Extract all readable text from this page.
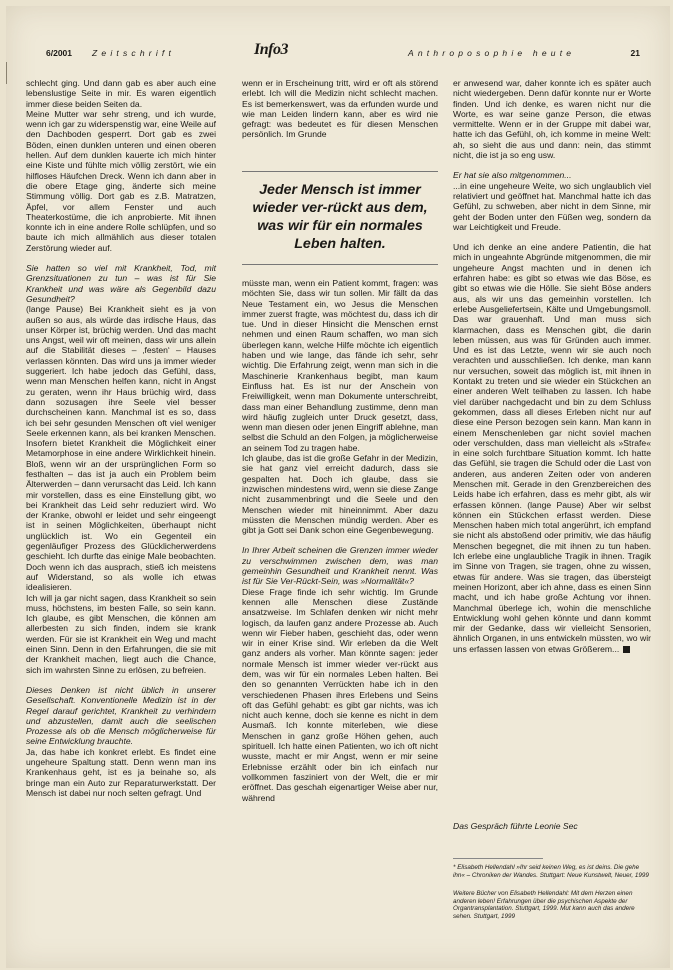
6/2001 Zeitschrift	Info3	Anthroposophie heute	21

schlecht ging. Und dann gab es aber auch eine lebenslustige Seite in mir. Es waren eigentlich immer diese beiden Seiten da.

Meine Mutter war sehr streng, und ich wurde, wenn ich gar zu widerspenstig war, eine Weile auf den Dachboden gesperrt. Dort gab es zwei Böden, einen dunklen unteren und einen oberen hellen. Auf dem dunklen kauerte ich mich hinter eine Kiste und fühlte mich völlig zerstört, wie ein hilfloses Häufchen Dreck. Wenn ich dann aber in die obere Etage ging, änderte sich meine Stimmung völlig. Dort gab es z.B. Matratzen, Äpfel, vor allem Fenster und auch Theaterkostüme, die ich anprobierte. Mit ihnen konnte ich in eine andere Rolle schlüpfen, und so baute ich mich allmählich aus dieser totalen Zerstörung wieder auf.

Sie hatten so viel mit Krankheit, Tod, mit Grenzsituationen zu tun – was ist für Sie Krankheit und was wäre als Gegenbild dazu Gesundheit?

(lange Pause) Bei Krankheit sieht es ja von außen so aus, als würde das irdische Haus, das unser Körper ist, brüchig werden. Und das macht uns Angst, weil wir oft meinen, dass wir uns allein auf die Stabilität dieses – ‚festen‘ – Hauses verlassen könnten. Das wird uns ja immer wieder suggeriert. Ich habe jedoch das Gefühl, dass, wenn man Menschen helfen kann, nicht in Angst zu geraten, wenn ihr Haus brüchig wird, dass dann sozusagen ihre Seele viel besser durchscheinen kann. Manchmal ist es so, dass ich bei sehr gesunden Menschen oft viel weniger Seele erkennen kann, als bei kranken Menschen. Insofern bietet Krankheit die Möglichkeit einer Metamorphose in eine andere Wirklichkeit hinein. Bloß, wenn wir an der ursprünglichen Form so festhalten – das ist ja auch ein Problem beim Älterwerden – dann verursacht das Leid. Ich kann mir vorstellen, dass es eine Einstellung gibt, wo bei Krankheit das Leid sehr reduziert wird. Wo der Kranke, obwohl er leidet und sehr eingeengt ist in seinen Möglichkeiten, überhaupt nicht unglücklich ist. Wo ein Gegenteil ein gegenläufiger Prozess des Glücklicherwerdens geschieht. Ich durfte das einige Male beobachten. Doch wenn ich das ausprach, stieß ich meistens auf Widerstand, so als wolle ich etwas idealisieren.

Ich will ja gar nicht sagen, dass Krankheit so sein muss, höchstens, im besten Falle, so sein kann. Ich glaube, es gibt Menschen, die können am allerbesten zu sich finden, indem sie krank werden. Für sie ist Krankheit ein Weg und macht einen Sinn. Denn in den Erfahrungen, die sie mit der Krankheit machen, liegt auch die Chance, sich im wahrsten Sinne zu erlösen, zu befreien.

Dieses Denken ist nicht üblich in unserer Gesellschaft. Konventionelle Medizin ist in der Regel darauf gerichtet, Krankheit zu verhindern und abzustellen, damit auch die seelischen Prozesse als ob die Mensch möglicherweise für seine Entwicklung brauchte.

Ja, das habe ich konkret erlebt. Es findet eine ungeheure Spaltung statt. Denn wenn man ins Krankenhaus geht, ist es ja beinahe so, als bringe man ein Auto zur Reparaturwerkstatt. Der Mensch ist dabei nur noch selten gefragt. Und

wenn er in Erscheinung tritt, wird er oft als störend erlebt. Ich will die Medizin nicht schlecht machen. Es ist bemerkenswert, was da erfunden wurde und wie man Leiden lindern kann, aber es wird nie gefragt: was bedeutet es für diesen Menschen persönlich. Im Grunde

Jeder Mensch ist immer wieder ver-rückt aus dem, was wir für ein normales Leben halten.

müsste man, wenn ein Patient kommt, fragen: was möchten Sie, dass wir tun sollen. Mir fällt da das Neue Testament ein, wo Jesus die Menschen immer zuerst fragte, was möchtest du, dass ich dir tue. Und in dieser Hinsicht die Menschen ernst nehmen und einen Raum schaffen, wo man sich überlegen kann, welche Hilfe möchte ich eigentlich haben und wie lange, das fände ich sehr, sehr wichtig. Die Erfahrung zeigt, wenn man sich in die Maschinerie Krankenhaus begibt, man kaum Einfluss hat. Es ist nur der Anschein von Freiwilligkeit, wenn man Dokumente unterschreibt, dass man einer Behandlung zustimme, denn man wird häufig zugleich unter Druck gesetzt, dass, wenn man diesen oder jenen Eingriff ablehne, man selbst die Schuld an den Folgen, ja möglicherweise an seinem Tod zu tragen habe.

Ich glaube, das ist die große Gefahr in der Medizin, sie hat ganz viel erreicht dadurch, dass sie gespalten hat. Doch ich glaube, dass sie inzwischen mindestens wird, wenn sie diese Zange nicht zusammenbringt und die Seele und den Menschen wieder mit hineinnimmt. Aber dazu müssten die Menschen mündig werden. Aber es gibt ja Gott sei Dank schon eine Gegenbewegung.

In Ihrer Arbeit scheinen die Grenzen immer wieder zu verschwimmen zwischen dem, was man gemeinhin Gesundheit und Krankheit nennt. Was ist für Sie Ver-Rückt-Sein, was »Normalität«?

Diese Frage finde ich sehr wichtig. Im Grunde kennen alle Menschen diese Zustände ansatzweise. Im Schlafen denken wir nicht mehr logisch, da laufen ganz andere Prozesse ab. Auch wenn wir Fieber haben, geschieht das, oder wenn wir in einer Krise sind. Wir erleben da die Welt ganz anders als vorher. Man könnte sagen: jeder normale Mensch ist immer wieder ver-rückt aus dem, was wir für ein normales Leben halten. Bei den so genannten Verrückten habe ich in den verschiedenen Phasen ihres Erlebens und Seins oft das Gefühl gehabt: es gibt gar nichts, was ich nicht auch kenne, doch sie kenne es nicht in dem Ausmaß. Ich konnte miterleben, wie diese Menschen in ganz große Höhen gehen, auch spirituell. Ich hatte einen Patienten, wo ich oft nicht wusste, macht er mir Angst, wenn er mir seine Erlebnisse erzählt oder bin ich einfach nur vollkommen fasziniert von der Welt, die er mir eröffnet. Das geschah eigenartiger Weise aber nur, während

er anwesend war, daher konnte ich es später auch nicht wiedergeben. Denn dafür konnte nur er Worte finden. Und ich denke, es waren nicht nur die Worte, es war seine ganze Person, die etwas vermittelte. Wenn er in der Gruppe mit dabei war, hatte ich das Gefühl, oh, ich komme in meine Welt: ah, so sieht die aus und dann: nein, das stimmt nicht, die ist ja so eng usw.

Er hat sie also mitgenommen...

...in eine ungeheure Weite, wo sich unglaublich viel relativiert und geöffnet hat. Manchmal hatte ich das Gefühl, zu schweben, aber nicht in dem Sinne, mir geht der Boden unter den Füßen weg, sondern da war Leichtigkeit und Freude.

Und ich denke an eine andere Patientin, die hat mich in ungeahnte Abgründe mitgenommen, die mir ungeheure Angst machten und in denen ich erfahren habe: es gibt so etwas wie das Böse, es gibt so etwas wie die Hölle. Sie sieht Böse anders aus, als wir uns das gemeinhin vorstellen. Ich erlebe Ausgeliefertsein, Kälte und Umgebungsmoll. Das war grauenhaft. Und man muss sich klarmachen, dass es Menschen gibt, die darin leben müssen, aus was für Gründen auch immer. Und es ist das Letzte, wenn wir sie auch noch verachten und ausschließen. Ich denke, man kann nur versuchen, soweit das möglich ist, mit ihnen in Kontakt zu treten und sie wieder ein Stückchen an einer anderen Welt teilhaben zu lassen. Ich habe viel darüber nachgedacht und bin zu dem Schluss gekommen, dass all dieses Erleben nicht nur auf diese eine Person bezogen sein kann. Man kann in einem Menschenleben gar nicht soviel machen oder verschulden, dass man vielleicht als »Strafe« in eine solch furchtbare Situation kommt. Ich hatte das Gefühl, sie tragen die Schuld oder die Last von anderen, aus anderen Zeiten oder von anderen Menschen mit. Gerade in den Grenzbereichen des Leids habe ich erfahren, dass es mehr gibt, als wir erfassen können. (lange Pause) Aber wir selbst können ein Stückchen erfasst werden. Diese Menschen haben mich total angerührt, ich empfand sie nicht als abstoßend oder primitiv, wie das häufig Menschen begegnet, die mit ihnen zu tun haben. Ich erlebe eine unglaubliche Tragik in ihnen. Tragik im Sinne von Tragen, sie tragen, ohne zu wissen, etwas für andere. Was sie tragen, das übersteigt meinen Horizont, aber ich ahne, dass es einen Sinn macht, und ich habe große Achtung vor ihnen. Manchmal überlege ich, wohin die menschliche Entwicklung wohl gehen könnte und dann kommt mir der Gedanke, dass wir vielleicht Sensorien, ähnlich Organen, in uns entwickeln müssten, wo wir uns erfassen lassen von etwas Größerem...

Das Gespräch führte Leonie Sec
* Elisabeth Hellendahl »Ihr seid keinen Weg, es ist deins. Die gehe ihn« – Chroniken der Wandes. Stuttgart: Neue Kunstwelt, Neuer, 1999
Weitere Bücher von Elisabeth Hellendahl: Mit dem Herzen einen anderen leben! Erfahrungen über die psychischen Aspekte der Organtransplantation. Stuttgart, 1999. Mut kann auch das andere sehen. Stuttgart, 1999
